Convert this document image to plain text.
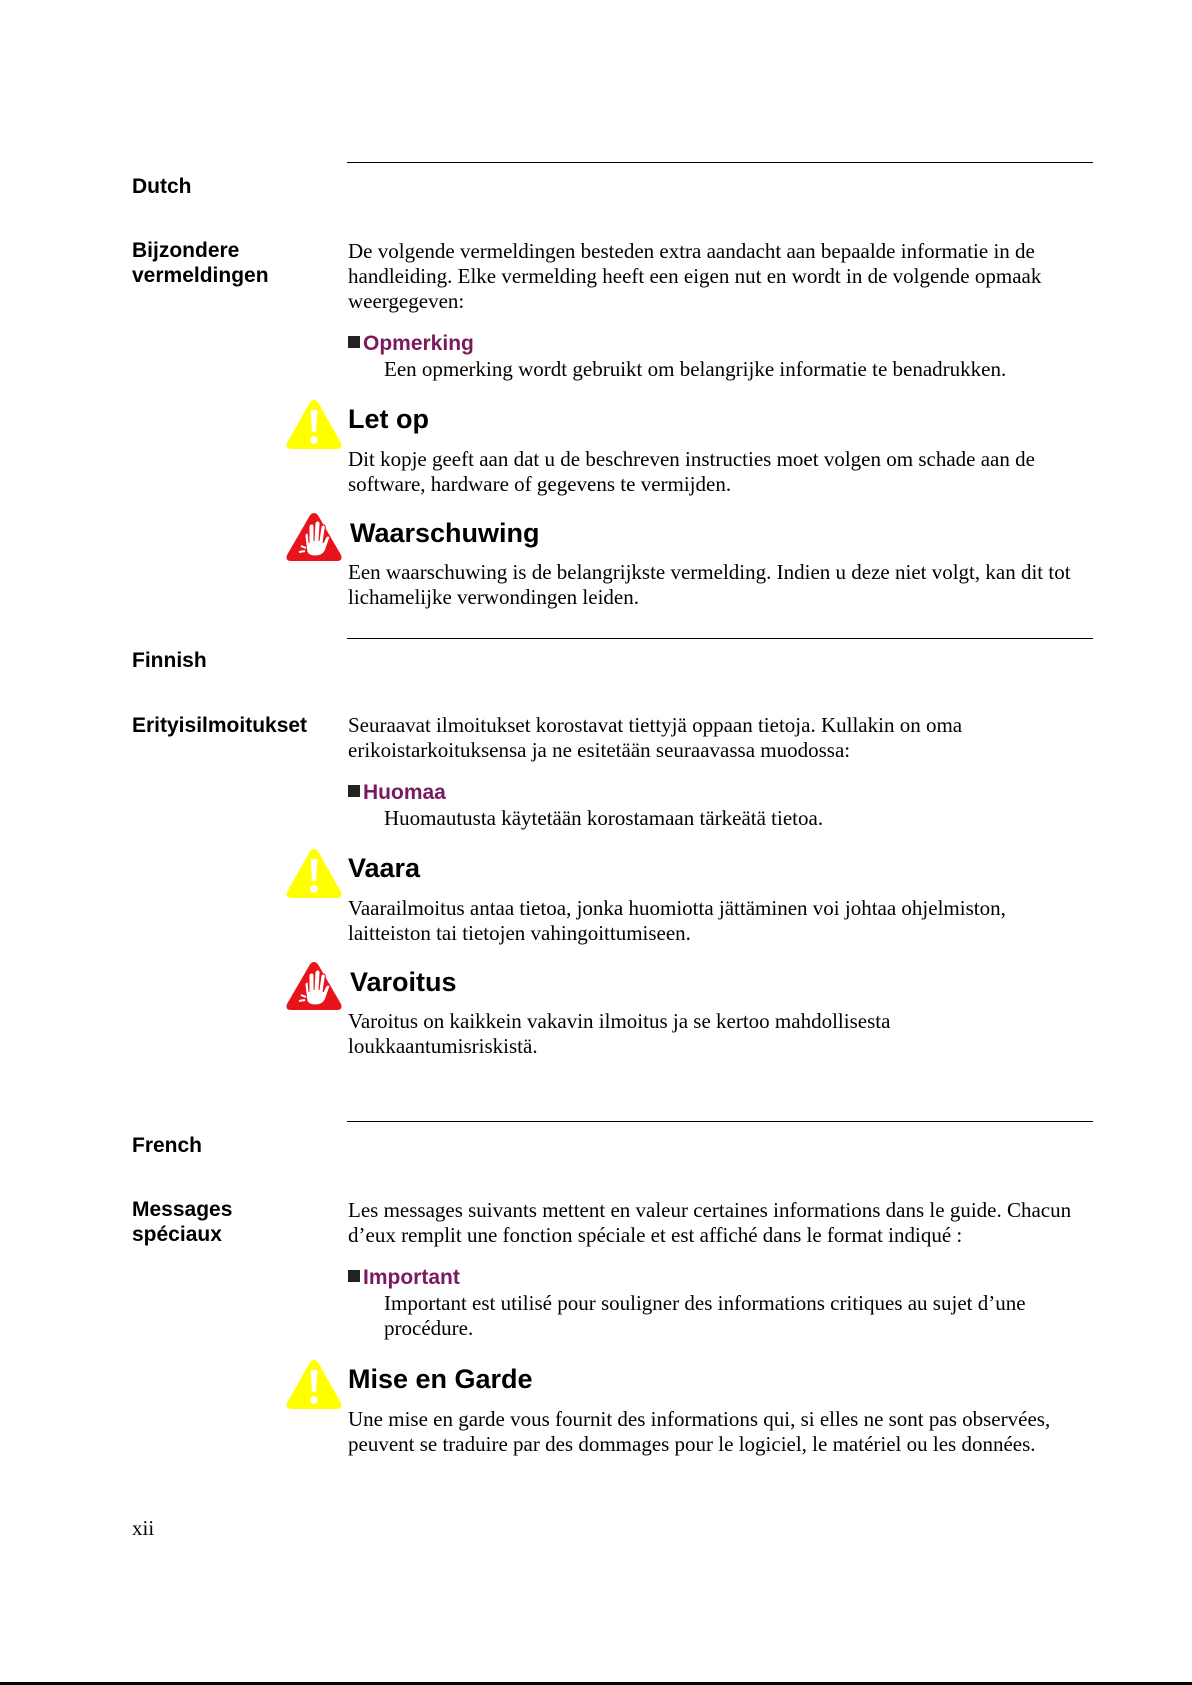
Dutch
Bijzondere vermeldingen
De volgende vermeldingen besteden extra aandacht aan bepaalde informatie in de handleiding. Elke vermelding heeft een eigen nut en wordt in de volgende opmaak weergegeven:
Opmerking
Een opmerking wordt gebruikt om belangrijke informatie te benadrukken.
Let op
Dit kopje geeft aan dat u de beschreven instructies moet volgen om schade aan de software, hardware of gegevens te vermijden.
Waarschuwing
Een waarschuwing is de belangrijkste vermelding. Indien u deze niet volgt, kan dit tot lichamelijke verwondingen leiden.
Finnish
Erityisilmoitukset	Seuraavat ilmoitukset korostavat tiettyjä oppaan tietoja. Kullakin on oma erikoistarkoituksensa ja ne esitetään seuraavassa muodossa:
Huomaa
Huomautusta käytetään korostamaan tärkeätä tietoa.
Vaara
Vaarailmoitus antaa tietoa, jonka huomiotta jättäminen voi johtaa ohjelmiston, laitteiston tai tietojen vahingoittumiseen.
Varoitus
Varoitus on kaikkein vakavin ilmoitus ja se kertoo mahdollisesta loukkaantumisriskistä.
French
Messages spéciaux
Les messages suivants mettent en valeur certaines informations dans le guide. Chacun d’eux remplit une fonction spéciale et est affiché dans le format indiqué :
Important
Important est utilisé pour souligner des informations critiques au sujet d’une procédure.
Mise en Garde
Une mise en garde vous fournit des informations qui, si elles ne sont pas observées, peuvent se traduire par des dommages pour le logiciel, le matériel ou les données.
xii
